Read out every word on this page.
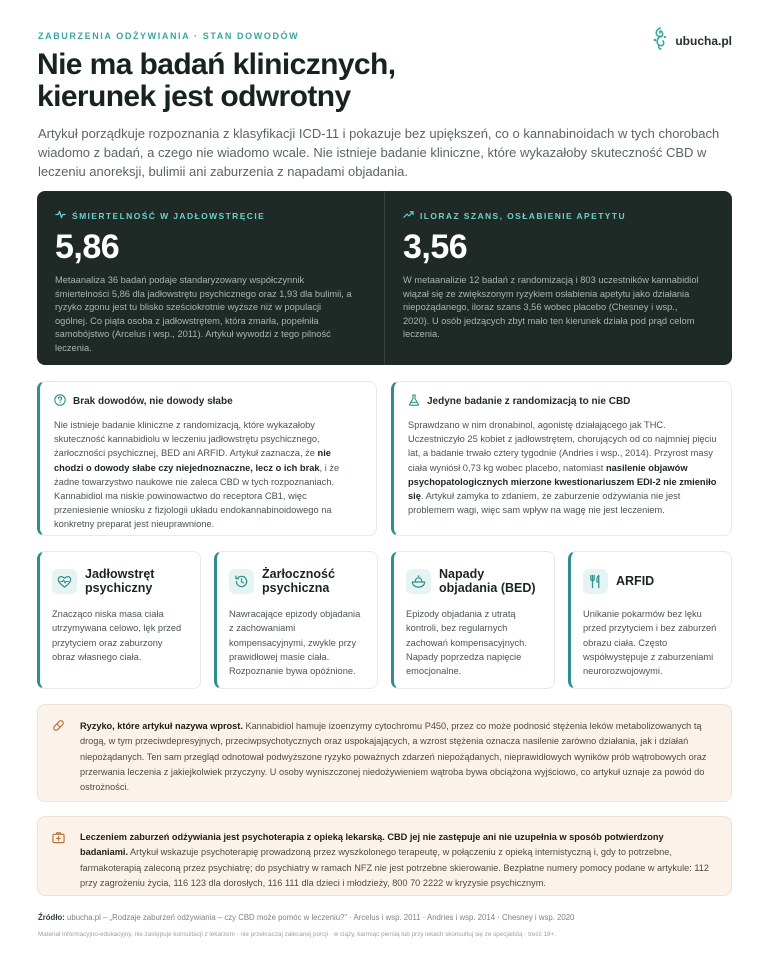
ZABURZENIA ODŻYWIANIA · STAN DOWODÓW	ubucha.pl
Nie ma badań klinicznych,
kierunek jest odwrotny

Artykuł porządkuje rozpoznania z klasyfikacji ICD-11 i pokazuje bez upiększeń, co o kannabinoidach w tych chorobach wiadomo z badań, a czego nie wiadomo wcale. Nie istnieje badanie kliniczne, które wykazałoby skuteczność CBD w leczeniu anoreksji, bulimii ani zaburzenia z napadami objadania.

ŚMIERTELNOŚĆ W JADŁOWSTRĘCIE
5,86
Metaanaliza 36 badań podaje standaryzowany współczynnik śmiertelności 5,86 dla jadłowstrętu psychicznego oraz 1,93 dla bulimii, a ryzyko zgonu jest tu blisko sześciokrotnie wyższe niż w populacji ogólnej. Co piąta osoba z jadłowstrętem, która zmarła, popełniła samobójstwo (Arcelus i wsp., 2011). Artykuł wywodzi z tego pilność leczenia.
ILORAZ SZANS, OSŁABIENIE APETYTU
3,56
W metaanalizie 12 badań z randomizacją i 803 uczestników kannabidiol wiązał się ze zwiększonym ryzykiem osłabienia apetytu jako działania niepożądanego, iloraz szans 3,56 wobec placebo (Chesney i wsp., 2020). U osób jedzących zbyt mało ten kierunek działa pod prąd celom leczenia.
Brak dowodów, nie dowody słabe

Nie istnieje badanie kliniczne z randomizacją, które wykazałoby skuteczność kannabidiolu w leczeniu jadłowstrętu psychicznego, żarłoczności psychicznej, BED ani ARFID. Artykuł zaznacza, że nie chodzi o dowody słabe czy niejednoznaczne, lecz o ich brak, i że żadne towarzystwo naukowe nie zaleca CBD w tych rozpoznaniach. Kannabidiol ma niskie powinowactwo do receptora CB1, więc przeniesienie wniosku z fizjologii układu endokannabinoidowego na konkretny preparat jest nieuprawnione.

Jedyne badanie z randomizacją to nie CBD

Sprawdzano w nim dronabinol, agonistę działającego jak THC. Uczestniczyło 25 kobiet z jadłowstrętem, chorujących od co najmniej pięciu lat, a badanie trwało cztery tygodnie (Andries i wsp., 2014). Przyrost masy ciała wyniósł 0,73 kg wobec placebo, natomiast nasilenie objawów psychopatologicznych mierzone kwestionariuszem EDI-2 nie zmieniło się. Artykuł zamyka to zdaniem, że zaburzenie odżywiania nie jest problemem wagi, więc sam wpływ na wagę nie jest leczeniem.

Jadłowstręt psychiczny

Znacząco niska masa ciała utrzymywana celowo, lęk przed przytyciem oraz zaburzony obraz własnego ciała.

Żarłoczność psychiczna

Nawracające epizody objadania z zachowaniami kompensacyjnymi, zwykle przy prawidłowej masie ciała. Rozpoznanie bywa opóźnione.

Napady objadania (BED)

Epizody objadania z utratą kontroli, bez regularnych zachowań kompensacyjnych. Napady poprzedza napięcie emocjonalne.

ARFID

Unikanie pokarmów bez lęku przed przytyciem i bez zaburzeń obrazu ciała. Często współwystępuje z zaburzeniami neurorozwojowymi.

Ryzyko, które artykuł nazywa wprost. Kannabidiol hamuje izoenzymy cytochromu P450, przez co może podnosić stężenia leków metabolizowanych tą drogą, w tym przeciwdepresyjnych, przeciwpsychotycznych oraz uspokajających, a wzrost stężenia oznacza nasilenie zarówno działania, jak i działań niepożądanych. Ten sam przegląd odnotował podwyższone ryzyko poważnych zdarzeń niepożądanych, nieprawidłowych wyników prób wątrobowych oraz przerwania leczenia z jakiejkolwiek przyczyny. U osoby wyniszczonej niedożywieniem wątroba bywa obciążona wyjściowo, co artykuł uznaje za powód do ostrożności.

Leczeniem zaburzeń odżywiania jest psychoterapia z opieką lekarską. CBD jej nie zastępuje ani nie uzupełnia w sposób potwierdzony badaniami. Artykuł wskazuje psychoterapię prowadzoną przez wyszkolonego terapeutę, w połączeniu z opieką internistyczną i, gdy to potrzebne, farmakoterapią zaleconą przez psychiatrę; do psychiatry w ramach NFZ nie jest potrzebne skierowanie. Bezpłatne numery pomocy podane w artykule: 112 przy zagrożeniu życia, 116 123 dla dorosłych, 116 111 dla dzieci i młodzieży, 800 70 2222 w kryzysie psychicznym.

Źródło: ubucha.pl – „Rodzaje zaburzeń odżywiania – czy CBD może pomóc w leczeniu?” · Arcelus i wsp. 2011 · Andries i wsp. 2014 · Chesney i wsp. 2020
Materiał informacyjno-edukacyjny, nie zastępuje konsultacji z lekarzem · nie przekraczaj zalecanej porcji · w ciąży, karmiąc piersią lub przy lekach skonsultuj się ze specjalistą · treść 18+.
